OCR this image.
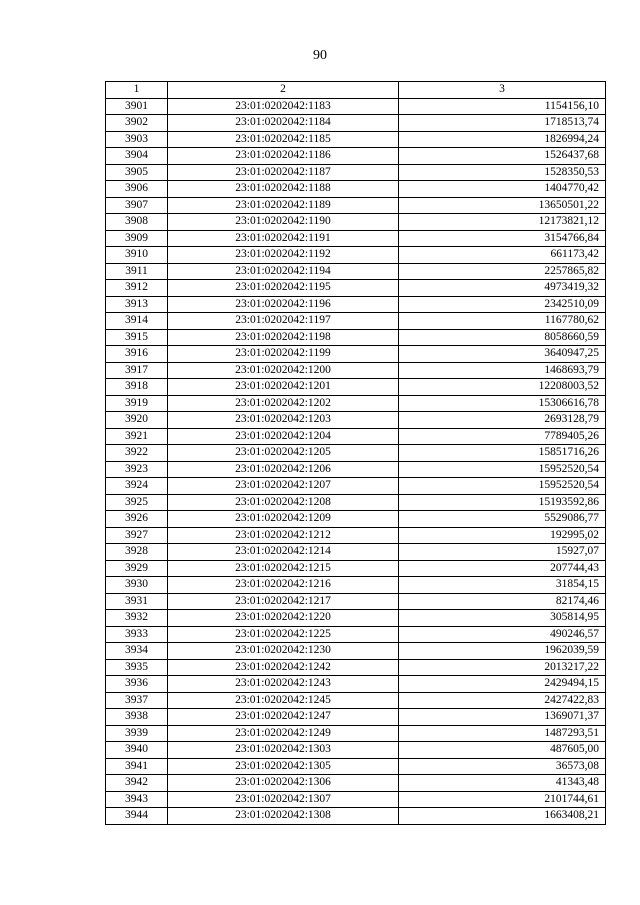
90
1	2	3
3901	23:01:0202042:1183	1154156,10
3902	23:01:0202042:1184	1718513,74
3903	23:01:0202042:1185	1826994,24
3904	23:01:0202042:1186	1526437,68
3905	23:01:0202042:1187	1528350,53
3906	23:01:0202042:1188	1404770,42
3907	23:01:0202042:1189	13650501,22
3908	23:01:0202042:1190	12173821,12
3909	23:01:0202042:1191	3154766,84
3910	23:01:0202042:1192	661173,42
3911	23:01:0202042:1194	2257865,82
3912	23:01:0202042:1195	4973419,32
3913	23:01:0202042:1196	2342510,09
3914	23:01:0202042:1197	1167780,62
3915	23:01:0202042:1198	8058660,59
3916	23:01:0202042:1199	3640947,25
3917	23:01:0202042:1200	1468693,79
3918	23:01:0202042:1201	12208003,52
3919	23:01:0202042:1202	15306616,78
3920	23:01:0202042:1203	2693128,79
3921	23:01:0202042:1204	7789405,26
3922	23:01:0202042:1205	15851716,26
3923	23:01:0202042:1206	15952520,54
3924	23:01:0202042:1207	15952520,54
3925	23:01:0202042:1208	15193592,86
3926	23:01:0202042:1209	5529086,77
3927	23:01:0202042:1212	192995,02
3928	23:01:0202042:1214	15927,07
3929	23:01:0202042:1215	207744,43
3930	23:01:0202042:1216	31854,15
3931	23:01:0202042:1217	82174,46
3932	23:01:0202042:1220	305814,95
3933	23:01:0202042:1225	490246,57
3934	23:01:0202042:1230	1962039,59
3935	23:01:0202042:1242	2013217,22
3936	23:01:0202042:1243	2429494,15
3937	23:01:0202042:1245	2427422,83
3938	23:01:0202042:1247	1369071,37
3939	23:01:0202042:1249	1487293,51
3940	23:01:0202042:1303	487605,00
3941	23:01:0202042:1305	36573,08
3942	23:01:0202042:1306	41343,48
3943	23:01:0202042:1307	2101744,61
3944	23:01:0202042:1308	1663408,21
